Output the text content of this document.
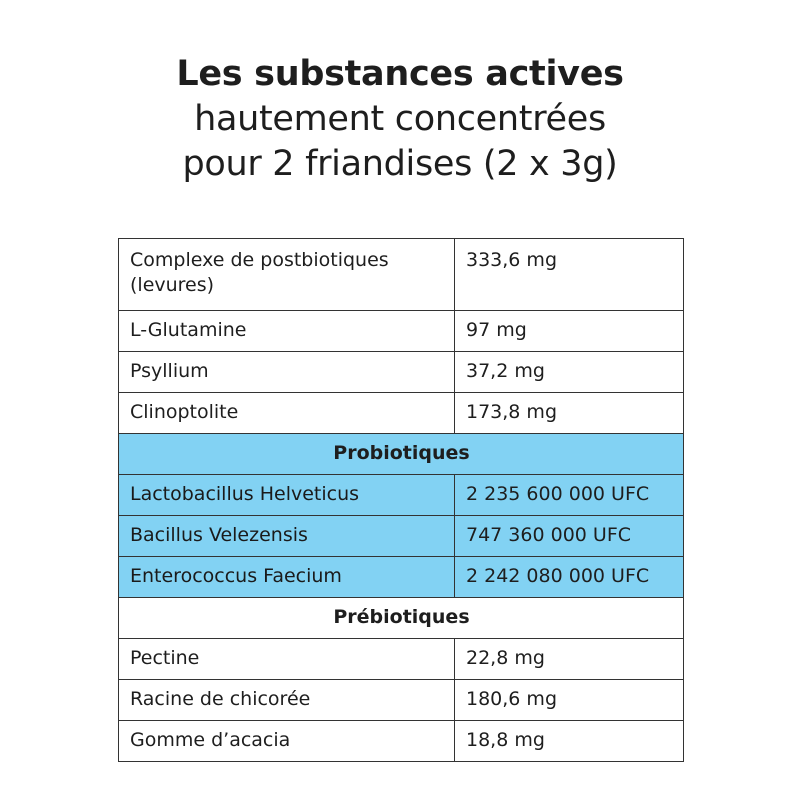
Les substances actives
hautement concentrées
pour 2 friandises (2 x 3g)
Complexe de postbiotiques (levures)	333,6 mg
L-Glutamine	97 mg
Psyllium	37,2 mg
Clinoptolite	173,8 mg
Probiotiques	
Lactobacillus Helveticus	2 235 600 000 UFC
Bacillus Velezensis	747 360 000 UFC
Enterococcus Faecium	2 242 080 000 UFC
Prébiotiques	
Pectine	22,8 mg
Racine de chicorée	180,6 mg
Gomme d’acacia	18,8 mg
